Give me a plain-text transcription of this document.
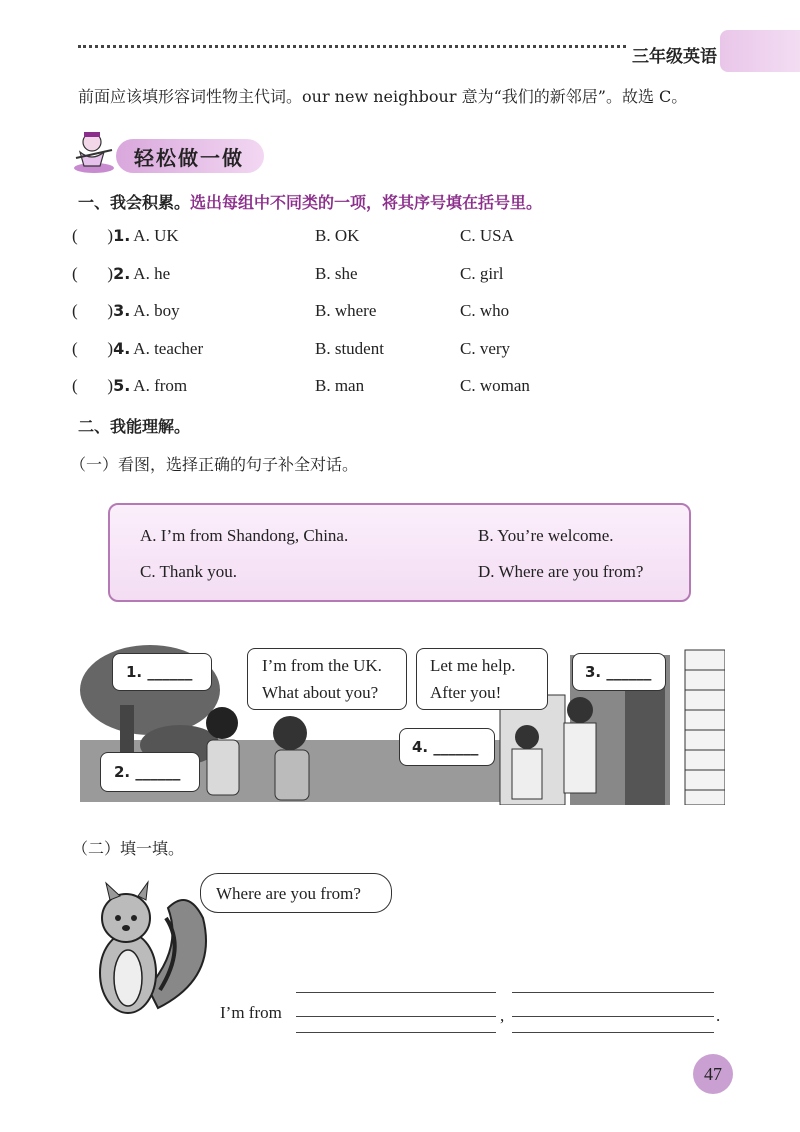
三年级英语
前面应该填形容词性物主代词。our new neighbour 意为“我们的新邻居”。故选 C。
轻松做一做
一、我会积累。选出每组中不同类的一项，将其序号填在括号里。
(       )1. A. UK	B. OK	C. USA
(       )2. A. he	B. she	C. girl
(       )3. A. boy	B. where	C. who
(       )4. A. teacher	B. student	C. very
(       )5. A. from	B. man	C. woman
二、我能理解。
（一）看图，选择正确的句子补全对话。
A. I’m from Shandong, China.	B. You’re welcome.
C. Thank you.	D. Where are you from?
1. ______
2. ______
I’m from the UK.
What about you?
Let me help.
After you!
3. ______
4. ______
（二）填一填。
Where are you from?
I’m from	,	.
47
